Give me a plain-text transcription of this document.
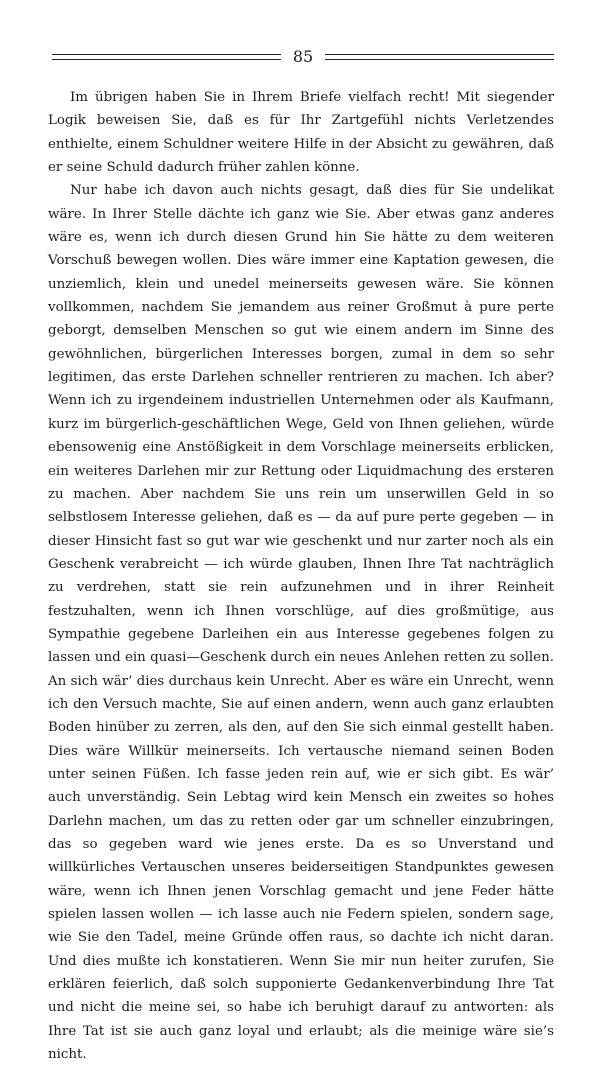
85

Im übrigen haben Sie in Ihrem Briefe vielfach recht! Mit siegender Logik beweisen Sie, daß es für Ihr Zartgefühl nichts Verletzendes enthielte, einem Schuldner weitere Hilfe in der Absicht zu gewähren, daß er seine Schuld dadurch früher zahlen könne.

Nur habe ich davon auch nichts gesagt, daß dies für Sie undelikat wäre. In Ihrer Stelle dächte ich ganz wie Sie. Aber etwas ganz anderes wäre es, wenn ich durch diesen Grund hin Sie hätte zu dem weiteren Vorschuß bewegen wollen. Dies wäre immer eine Kaptation gewesen, die unziemlich, klein und unedel meinerseits gewesen wäre. Sie können vollkommen, nachdem Sie jemandem aus reiner Großmut à pure perte geborgt, demselben Menschen so gut wie einem andern im Sinne des gewöhnlichen, bürgerlichen Interesses borgen, zumal in dem so sehr legitimen, das erste Darlehen schneller rentrieren zu machen. Ich aber? Wenn ich zu irgendeinem industriellen Unternehmen oder als Kaufmann, kurz im bürgerlich-geschäftlichen Wege, Geld von Ihnen geliehen, würde ebensowenig eine Anstößigkeit in dem Vorschlage meinerseits erblicken, ein weiteres Darlehen mir zur Rettung oder Liquidmachung des ersteren zu machen. Aber nachdem Sie uns rein um unserwillen Geld in so selbstlosem Interesse geliehen, daß es — da auf pure perte gegeben — in dieser Hinsicht fast so gut war wie geschenkt und nur zarter noch als ein Geschenk verabreicht — ich würde glauben, Ihnen Ihre Tat nachträglich zu verdrehen, statt sie rein aufzunehmen und in ihrer Reinheit festzuhalten, wenn ich Ihnen vorschlüge, auf dies großmütige, aus Sympathie gegebene Darleihen ein aus Interesse gegebenes folgen zu lassen und ein quasi—Geschenk durch ein neues Anlehen retten zu sollen. An sich wär’ dies durchaus kein Unrecht. Aber es wäre ein Unrecht, wenn ich den Versuch machte, Sie auf einen andern, wenn auch ganz erlaubten Boden hinüber zu zerren, als den, auf den Sie sich einmal gestellt haben. Dies wäre Willkür meinerseits. Ich vertausche niemand seinen Boden unter seinen Füßen. Ich fasse jeden rein auf, wie er sich gibt. Es wär’ auch unverständig. Sein Lebtag wird kein Mensch ein zweites so hohes Darlehn machen, um das zu retten oder gar um schneller einzubringen, das so gegeben ward wie jenes erste. Da es so Unverstand und willkürliches Vertauschen unseres beiderseitigen Standpunktes gewesen wäre, wenn ich Ihnen jenen Vorschlag gemacht und jene Feder hätte spielen lassen wollen — ich lasse auch nie Federn spielen, sondern sage, wie Sie den Tadel, meine Gründe offen raus, so dachte ich nicht daran. Und dies mußte ich konstatieren. Wenn Sie mir nun heiter zurufen, Sie erklären feierlich, daß solch supponierte Gedankenverbindung Ihre Tat und nicht die meine sei, so habe ich beruhigt darauf zu antworten: als Ihre Tat ist sie auch ganz loyal und erlaubt; als die meinige wäre sie’s nicht.
